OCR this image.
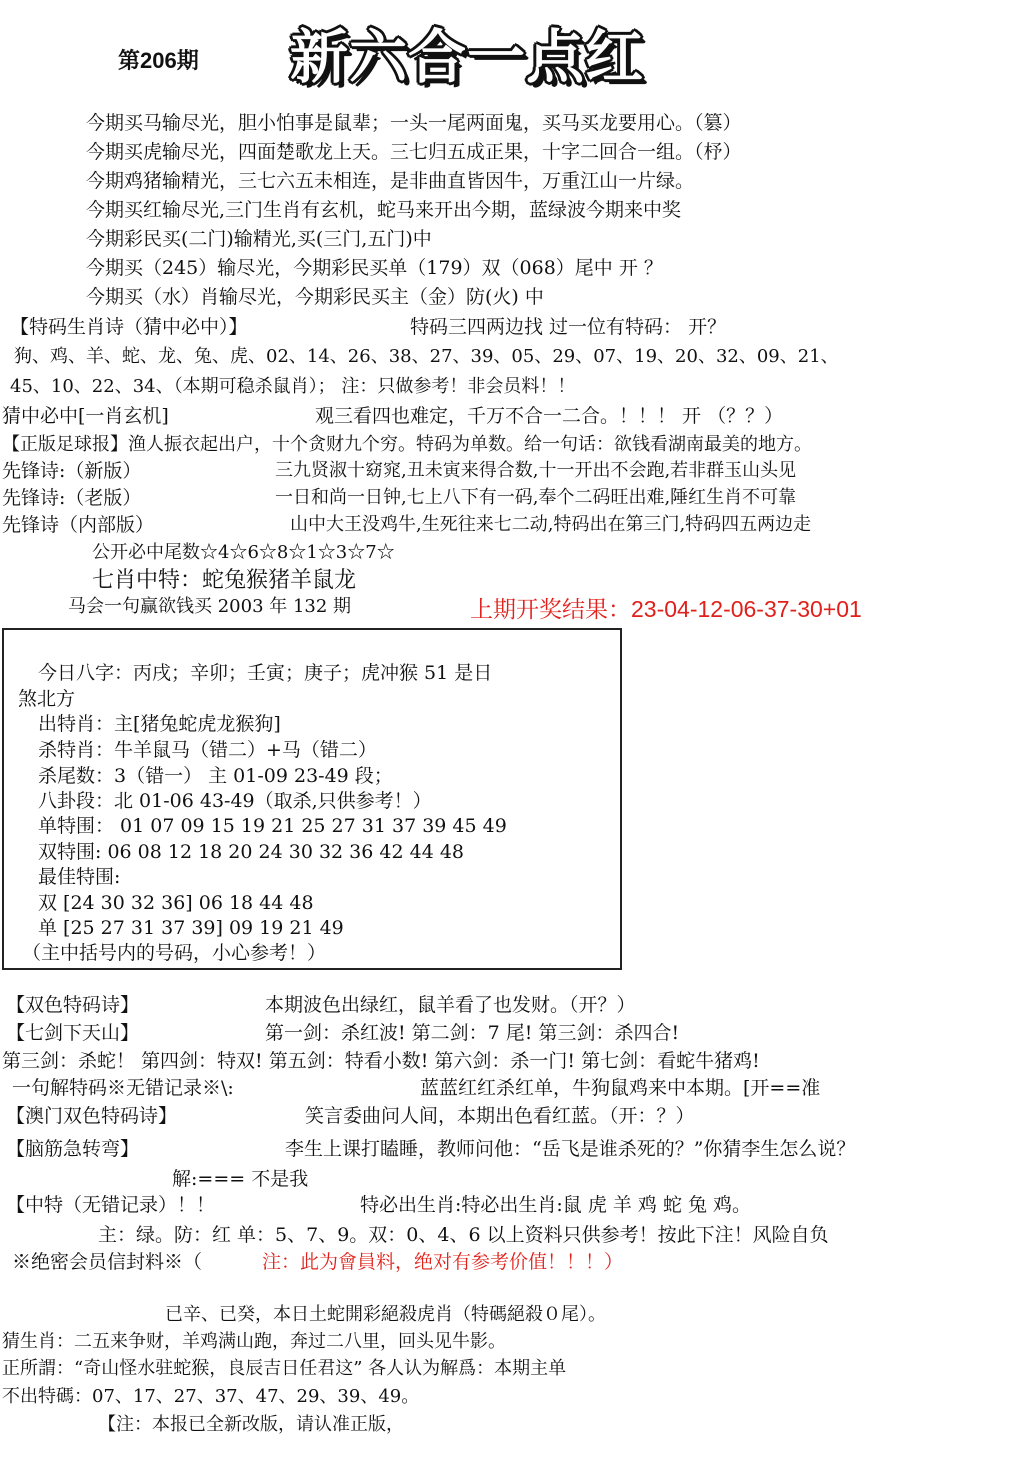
第206期 新六合一点红
今期买马输尽光，胆小怕事是鼠辈；一头一尾两面鬼，买马买龙要用心。（篡）
今期买虎输尽光，四面楚歌龙上天。三七归五成正果，十字二回合一组。（杼）
今期鸡猪输精光，三七六五未相连，是非曲直皆因牛，万重江山一片绿。
今期买红输尽光,三门生肖有玄机，蛇马来开出今期，蓝绿波今期来中奖
今期彩民买(二门)输精光,买(三门,五门)中
今期买（245）输尽光，今期彩民买单（179）双（068）尾中 开 ？
今期买（水）肖输尽光，今期彩民买主（金）防(火) 中
【特码生肖诗（猜中必中）】	特码三四两边找 过一位有特码： 开？
狗、鸡、羊、蛇、龙、兔、虎、02、14、26、38、27、39、05、29、07、19、20、32、09、21、
45、10、22、34、（本期可稳杀鼠肖）； 注：只做参考！非会员料！！
猜中必中[一肖玄机]	观三看四也难定，千万不合一二合。！！！ 开 （？？）
【正版足球报】渔人振衣起出户，十个贪财九个穷。特码为单数。给一句话：欲钱看湖南最美的地方。
先锋诗:（新版）	三九贤淑十窈窕,丑未寅来得合数,十一开出不会跑,若非群玉山头见
先锋诗:（老版）	一日和尚一日钟,七上八下有一码,奉个二码旺出难,陲红生肖不可靠
先锋诗（内部版）	山中大王没鸡牛,生死往来七二动,特码出在第三门,特码四五两边走
公开必中尾数☆4☆6☆8☆1☆3☆7☆
七肖中特：蛇兔猴猪羊鼠龙
马会一句赢欲钱买 2003 年 132 期	上期开奖结果：23-04-12-06-37-30+01
今日八字：丙戌；辛卯；壬寅；庚子；虎冲猴 51 是日
煞北方
出特肖：主[猪兔蛇虎龙猴狗]
杀特肖：牛羊鼠马（错二）+马（错二）
杀尾数：3（错一） 主 01-09 23-49 段；
八卦段：北 01-06 43-49（取杀,只供参考！）
单特围： 01 07 09 15 19 21 25 27 31 37 39 45 49
双特围: 06 08 12 18 20 24 30 32 36 42 44 48
最佳特围:
双 [24 30 32 36] 06 18 44 48
单 [25 27 31 37 39] 09 19 21 49
（主中括号内的号码，小心参考！）
【双色特码诗】	本期波色出绿红，鼠羊看了也发财。（开？）
【七剑下天山】	第一剑：杀红波! 第二剑：7 尾! 第三剑：杀四合!
第三剑：杀蛇！ 第四剑：特双! 第五剑：特看小数! 第六剑：杀一门! 第七剑：看蛇牛猪鸡!
一句解特码※无错记录※\:	蓝蓝红红杀红单，牛狗鼠鸡来中本期。[开==准
【澳门双色特码诗】	笑言委曲问人间，本期出色看红蓝。（开：？）
【脑筋急转弯】	李生上课打瞌睡，教师问他：“岳飞是谁杀死的？”你猜李生怎么说？
解:=== 不是我
【中特（无错记录）！！	特必出生肖:特必出生肖:鼠 虎 羊 鸡 蛇 兔 鸡。
主：绿。防：红 单：5、7、9。双：0、4、6 以上资料只供参考！按此下注！风险自负
※绝密会员信封料※（	注：此为會員料，绝对有参考价值！！！）
已辛、已癸，本日土蛇開彩絕殺虎肖（特碼絕殺０尾）。
猜生肖：二五来争财，羊鸡满山跑，奔过二八里，回头见牛影。
正所謂：“奇山怪水驻蛇猴，良辰吉日任君这” 各人认为解爲：本期主单
不出特碼：07、17、27、37、47、29、39、49。
【注：本报已全新改版，请认准正版，
